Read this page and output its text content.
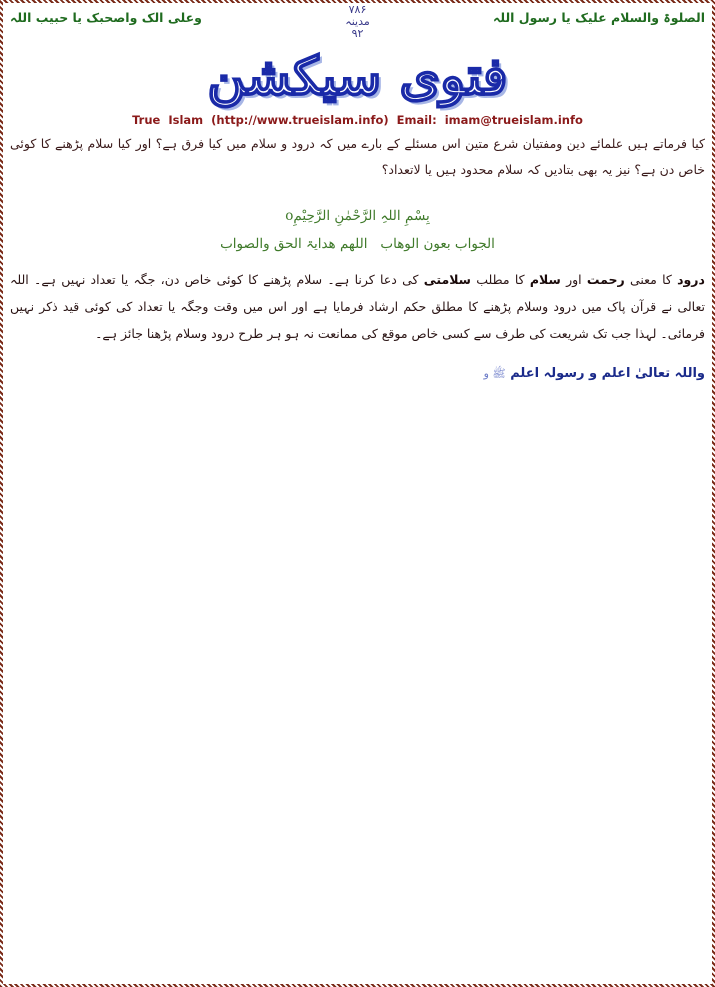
الصلوۃ والسلام علیک یا رسول اللہ
۷۸۶
مدینہ
۹۲
وعلی الک واصحبک یا حبیب اللہ
فتوی سیکشن
True  Islam  (http://www.trueislam.info)  Email:  imam@trueislam.info
کیا فرماتے ہیں علمائے دین ومفتیان شرع متین اس مسئلے کے بارے میں کہ درود و سلام میں کیا فرق ہے؟ اور کیا سلام پڑھنے کا کوئی خاص دن ہے؟ نیز یہ بھی بتادیں کہ سلام محدود ہیں یا لاتعداد؟
بِسْمِ اللہِ الرَّحْمٰنِ الرَّحِیْمِo
الجواب بعون الوھاب   اللھم ھدایۃ الحق والصواب
درود کا معنی رحمت اور سلام کا مطلب سلامتی کی دعا کرنا ہے۔ سلام پڑھنے کا کوئی خاص دن، جگہ یا تعداد نہیں ہے۔ اللہ تعالی نے قرآن پاک میں درود وسلام پڑھنے کا مطلق حکم ارشاد فرمایا ہے اور اس میں وقت وجگہ یا تعداد کی کوئی قید ذکر نہیں فرمائی۔ لہذا جب تک شریعت کی طرف سے کسی خاص موقع کی ممانعت نہ ہو ہر طرح درود وسلام پڑھنا جائز ہے۔
واللہ تعالیٰ اعلم و رسولہ اعلم ﷺ و
